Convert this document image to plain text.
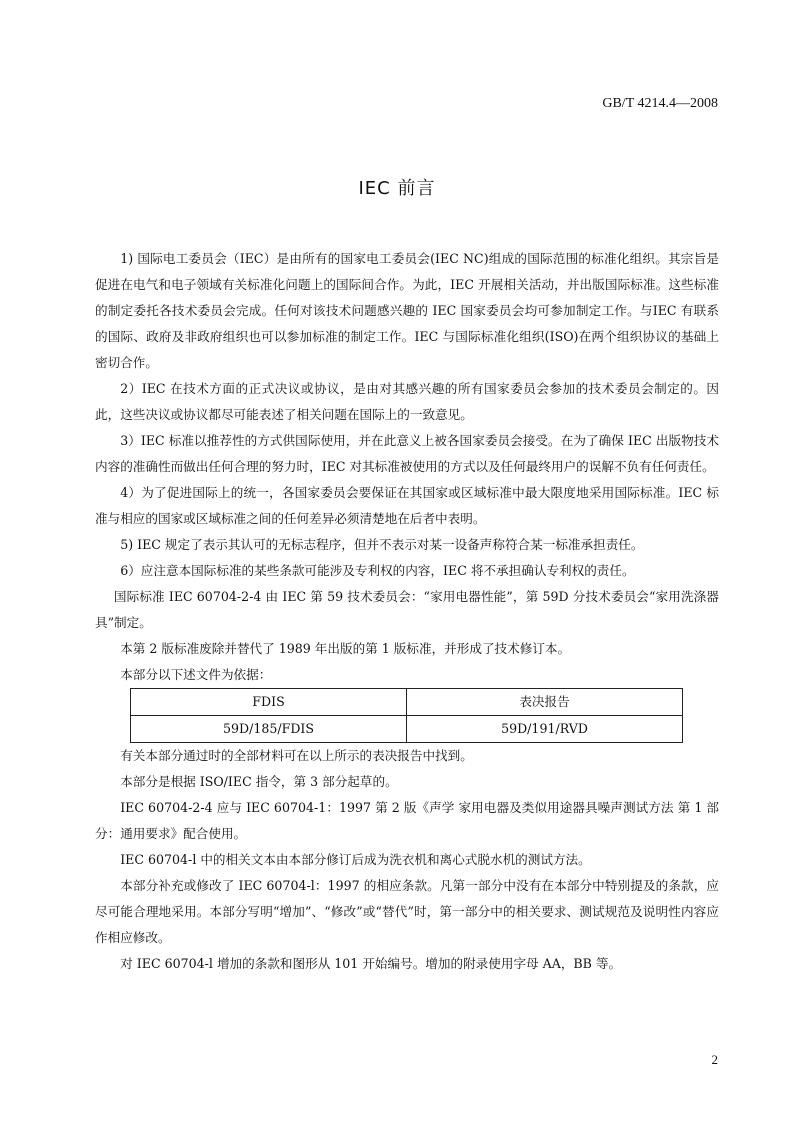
GB/T 4214.4—2008
IEC 前言

1) 国际电工委员会（IEC）是由所有的国家电工委员会(IEC NC)组成的国际范围的标准化组织。其宗旨是促进在电气和电子领域有关标准化问题上的国际间合作。为此，IEC 开展相关活动，并出版国际标准。这些标准的制定委托各技术委员会完成。任何对该技术问题感兴趣的 IEC 国家委员会均可参加制定工作。与IEC 有联系的国际、政府及非政府组织也可以参加标准的制定工作。IEC 与国际标准化组织(ISO)在两个组织协议的基础上密切合作。

2）IEC 在技术方面的正式决议或协议，是由对其感兴趣的所有国家委员会参加的技术委员会制定的。因此，这些决议或协议都尽可能表述了相关问题在国际上的一致意见。

3）IEC 标准以推荐性的方式供国际使用，并在此意义上被各国家委员会接受。在为了确保 IEC 出版物技术内容的准确性而做出任何合理的努力时，IEC 对其标准被使用的方式以及任何最终用户的误解不负有任何责任。

4）为了促进国际上的统一，各国家委员会要保证在其国家或区域标准中最大限度地采用国际标准。IEC 标准与相应的国家或区域标准之间的任何差异必须清楚地在后者中表明。

5) IEC 规定了表示其认可的无标志程序，但并不表示对某一设备声称符合某一标准承担责任。

6）应注意本国际标准的某些条款可能涉及专利权的内容，IEC 将不承担确认专利权的责任。

国际标准 IEC 60704-2-4 由 IEC 第 59 技术委员会：“家用电器性能”，第 59D 分技术委员会“家用洗涤器具”制定。

本第 2 版标准废除并替代了 1989 年出版的第 1 版标准，并形成了技术修订本。

本部分以下述文件为依据：

FDIS	表决报告
59D/185/FDIS	59D/191/RVD

有关本部分通过时的全部材料可在以上所示的表决报告中找到。

本部分是根据 ISO/IEC 指令，第 3 部分起草的。

IEC 60704-2-4 应与 IEC 60704-1：1997 第 2 版《声学 家用电器及类似用途器具噪声测试方法 第 1 部分：通用要求》配合使用。

IEC 60704-l 中的相关文本由本部分修订后成为洗衣机和离心式脱水机的测试方法。

本部分补充或修改了 IEC 60704-l：1997 的相应条款。凡第一部分中没有在本部分中特别提及的条款，应尽可能合理地采用。本部分写明“增加”、“修改”或“替代”时，第一部分中的相关要求、测试规范及说明性内容应作相应修改。

对 IEC 60704-l 增加的条款和图形从 101 开始编号。增加的附录使用字母 AA，BB 等。

2
